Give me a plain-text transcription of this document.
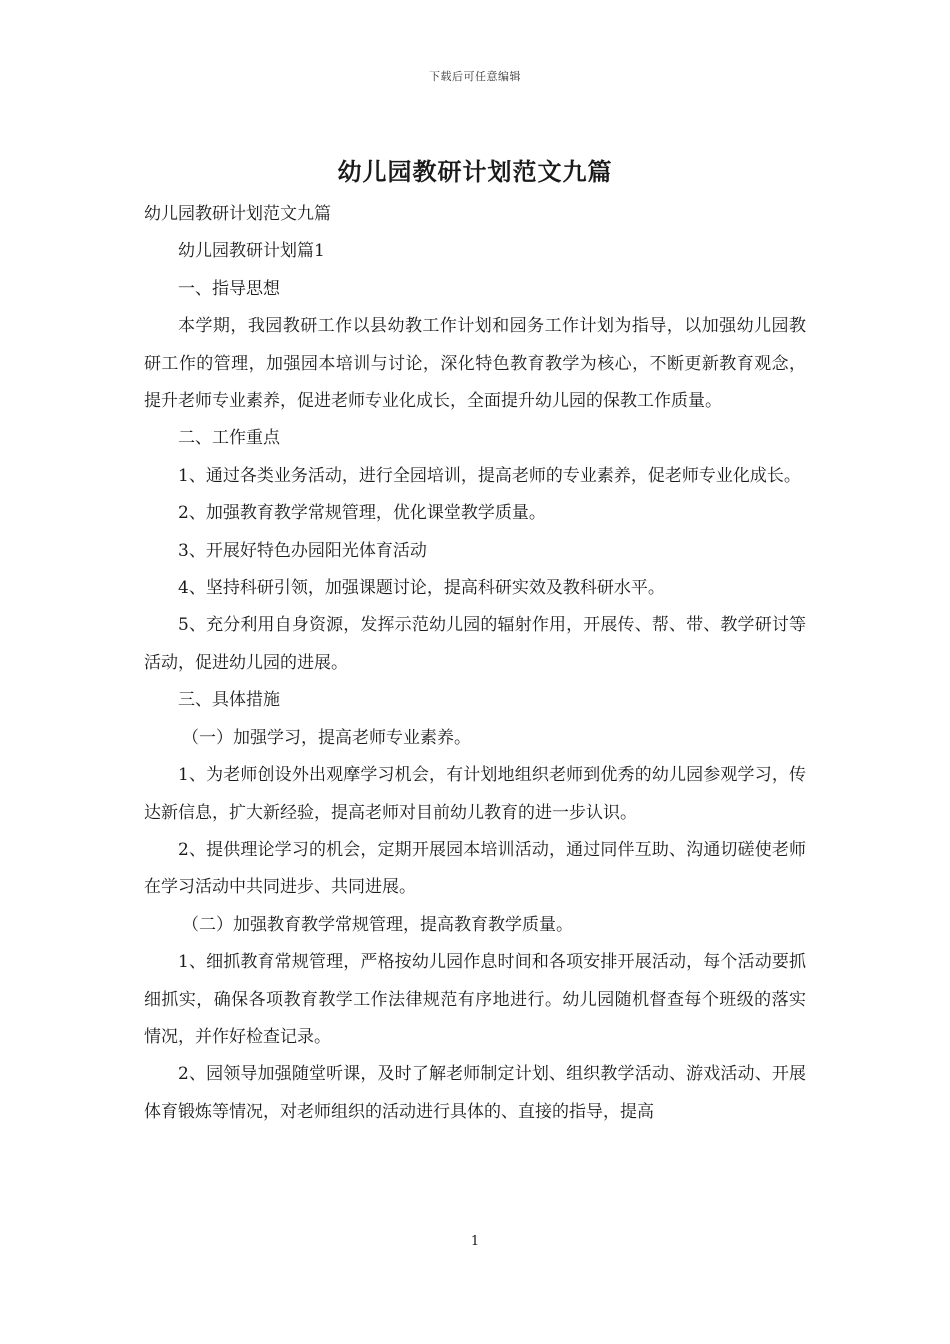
下载后可任意编辑
幼儿园教研计划范文九篇

幼儿园教研计划范文九篇

幼儿园教研计划篇1

一、指导思想

本学期，我园教研工作以县幼教工作计划和园务工作计划为指导，以加强幼儿园教研工作的管理，加强园本培训与讨论，深化特色教育教学为核心，不断更新教育观念，提升老师专业素养，促进老师专业化成长，全面提升幼儿园的保教工作质量。

二、工作重点

1、通过各类业务活动，进行全园培训，提高老师的专业素养，促老师专业化成长。

2、加强教育教学常规管理，优化课堂教学质量。

3、开展好特色办园阳光体育活动

4、坚持科研引领，加强课题讨论，提高科研实效及教科研水平。

5、充分利用自身资源，发挥示范幼儿园的辐射作用，开展传、帮、带、教学研讨等活动，促进幼儿园的进展。

三、具体措施

（一）加强学习，提高老师专业素养。

1、为老师创设外出观摩学习机会，有计划地组织老师到优秀的幼儿园参观学习，传达新信息，扩大新经验，提高老师对目前幼儿教育的进一步认识。

2、提供理论学习的机会，定期开展园本培训活动，通过同伴互助、沟通切磋使老师在学习活动中共同进步、共同进展。

（二）加强教育教学常规管理，提高教育教学质量。

1、细抓教育常规管理，严格按幼儿园作息时间和各项安排开展活动，每个活动要抓细抓实，确保各项教育教学工作法律规范有序地进行。幼儿园随机督查每个班级的落实情况，并作好检查记录。

2、园领导加强随堂听课，及时了解老师制定计划、组织教学活动、游戏活动、开展体育锻炼等情况，对老师组织的活动进行具体的、直接的指导，提高

1
